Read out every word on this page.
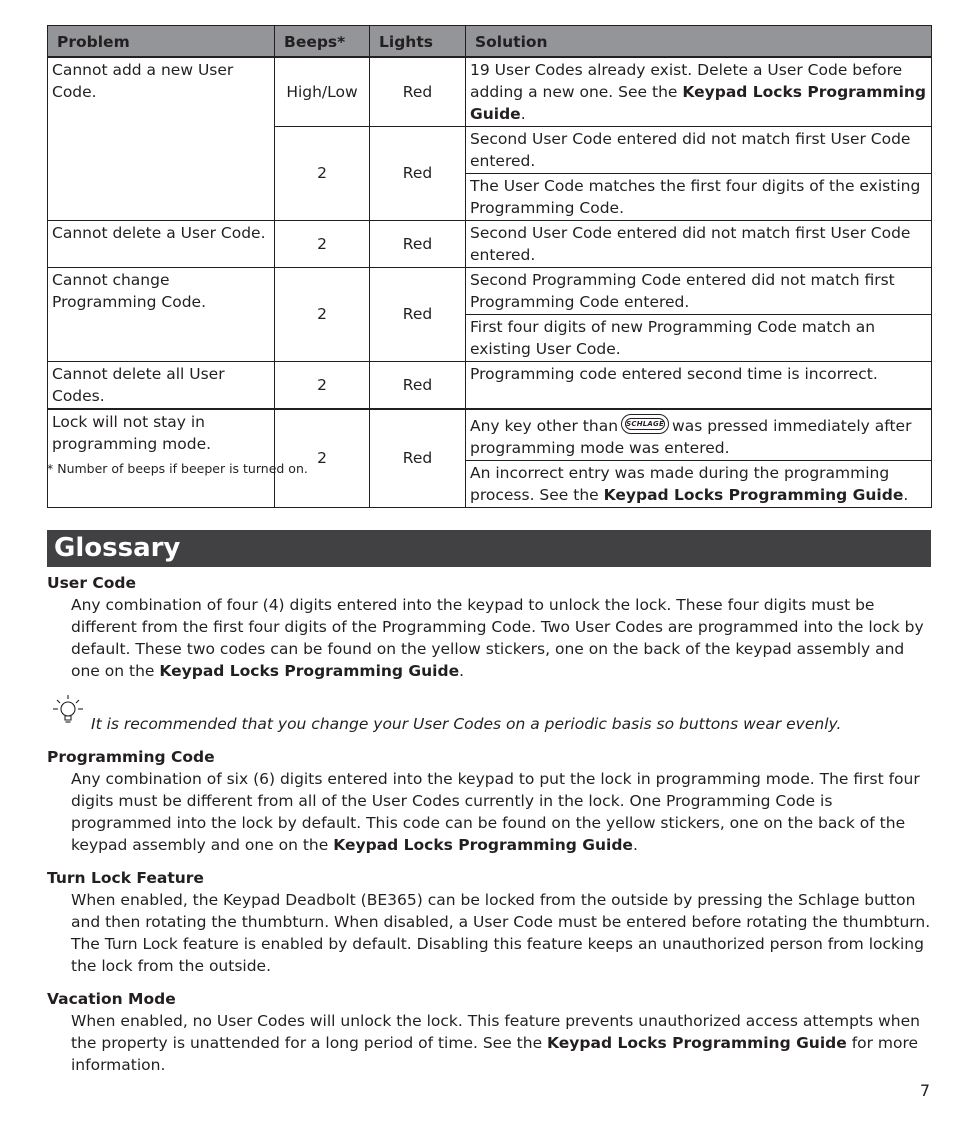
Problem	Beeps*	Lights	Solution
Cannot add a new User Code.	High/Low	Red	19 User Codes already exist. Delete a User Code before adding a new one. See the Keypad Locks Programming Guide.
	2	Red	Second User Code entered did not match first User Code entered.
			The User Code matches the first four digits of the existing Programming Code.
Cannot delete a User Code.	2	Red	Second User Code entered did not match first User Code entered.
Cannot change Programming Code.	2	Red	Second Programming Code entered did not match first Programming Code entered.
			First four digits of new Programming Code match an existing User Code.
Cannot delete all User Codes.	2	Red	Programming code entered second time is incorrect.
Lock will not stay in programming mode.	2	Red	Any key other than SCHLAGE was pressed immediately after programming mode was entered.
			An incorrect entry was made during the programming process. See the Keypad Locks Programming Guide.
* Number of beeps if beeper is turned on.
Glossary
User Code

Any combination of four (4) digits entered into the keypad to unlock the lock. These four digits must be different from the first four digits of the Programming Code. Two User Codes are programmed into the lock by default. These two codes can be found on the yellow stickers, one on the back of the keypad assembly and one on the Keypad Locks Programming Guide.

It is recommended that you change your User Codes on a periodic basis so buttons wear evenly.
Programming Code

Any combination of six (6) digits entered into the keypad to put the lock in programming mode. The first four digits must be different from all of the User Codes currently in the lock. One Programming Code is programmed into the lock by default. This code can be found on the yellow stickers, one on the back of the keypad assembly and one on the Keypad Locks Programming Guide.

Turn Lock Feature

When enabled, the Keypad Deadbolt (BE365) can be locked from the outside by pressing the Schlage button and then rotating the thumbturn. When disabled, a User Code must be entered before rotating the thumbturn. The Turn Lock feature is enabled by default. Disabling this feature keeps an unauthorized person from locking the lock from the outside.

Vacation Mode

When enabled, no User Codes will unlock the lock. This feature prevents unauthorized access attempts when the property is unattended for a long period of time. See the Keypad Locks Programming Guide for more information.

7
